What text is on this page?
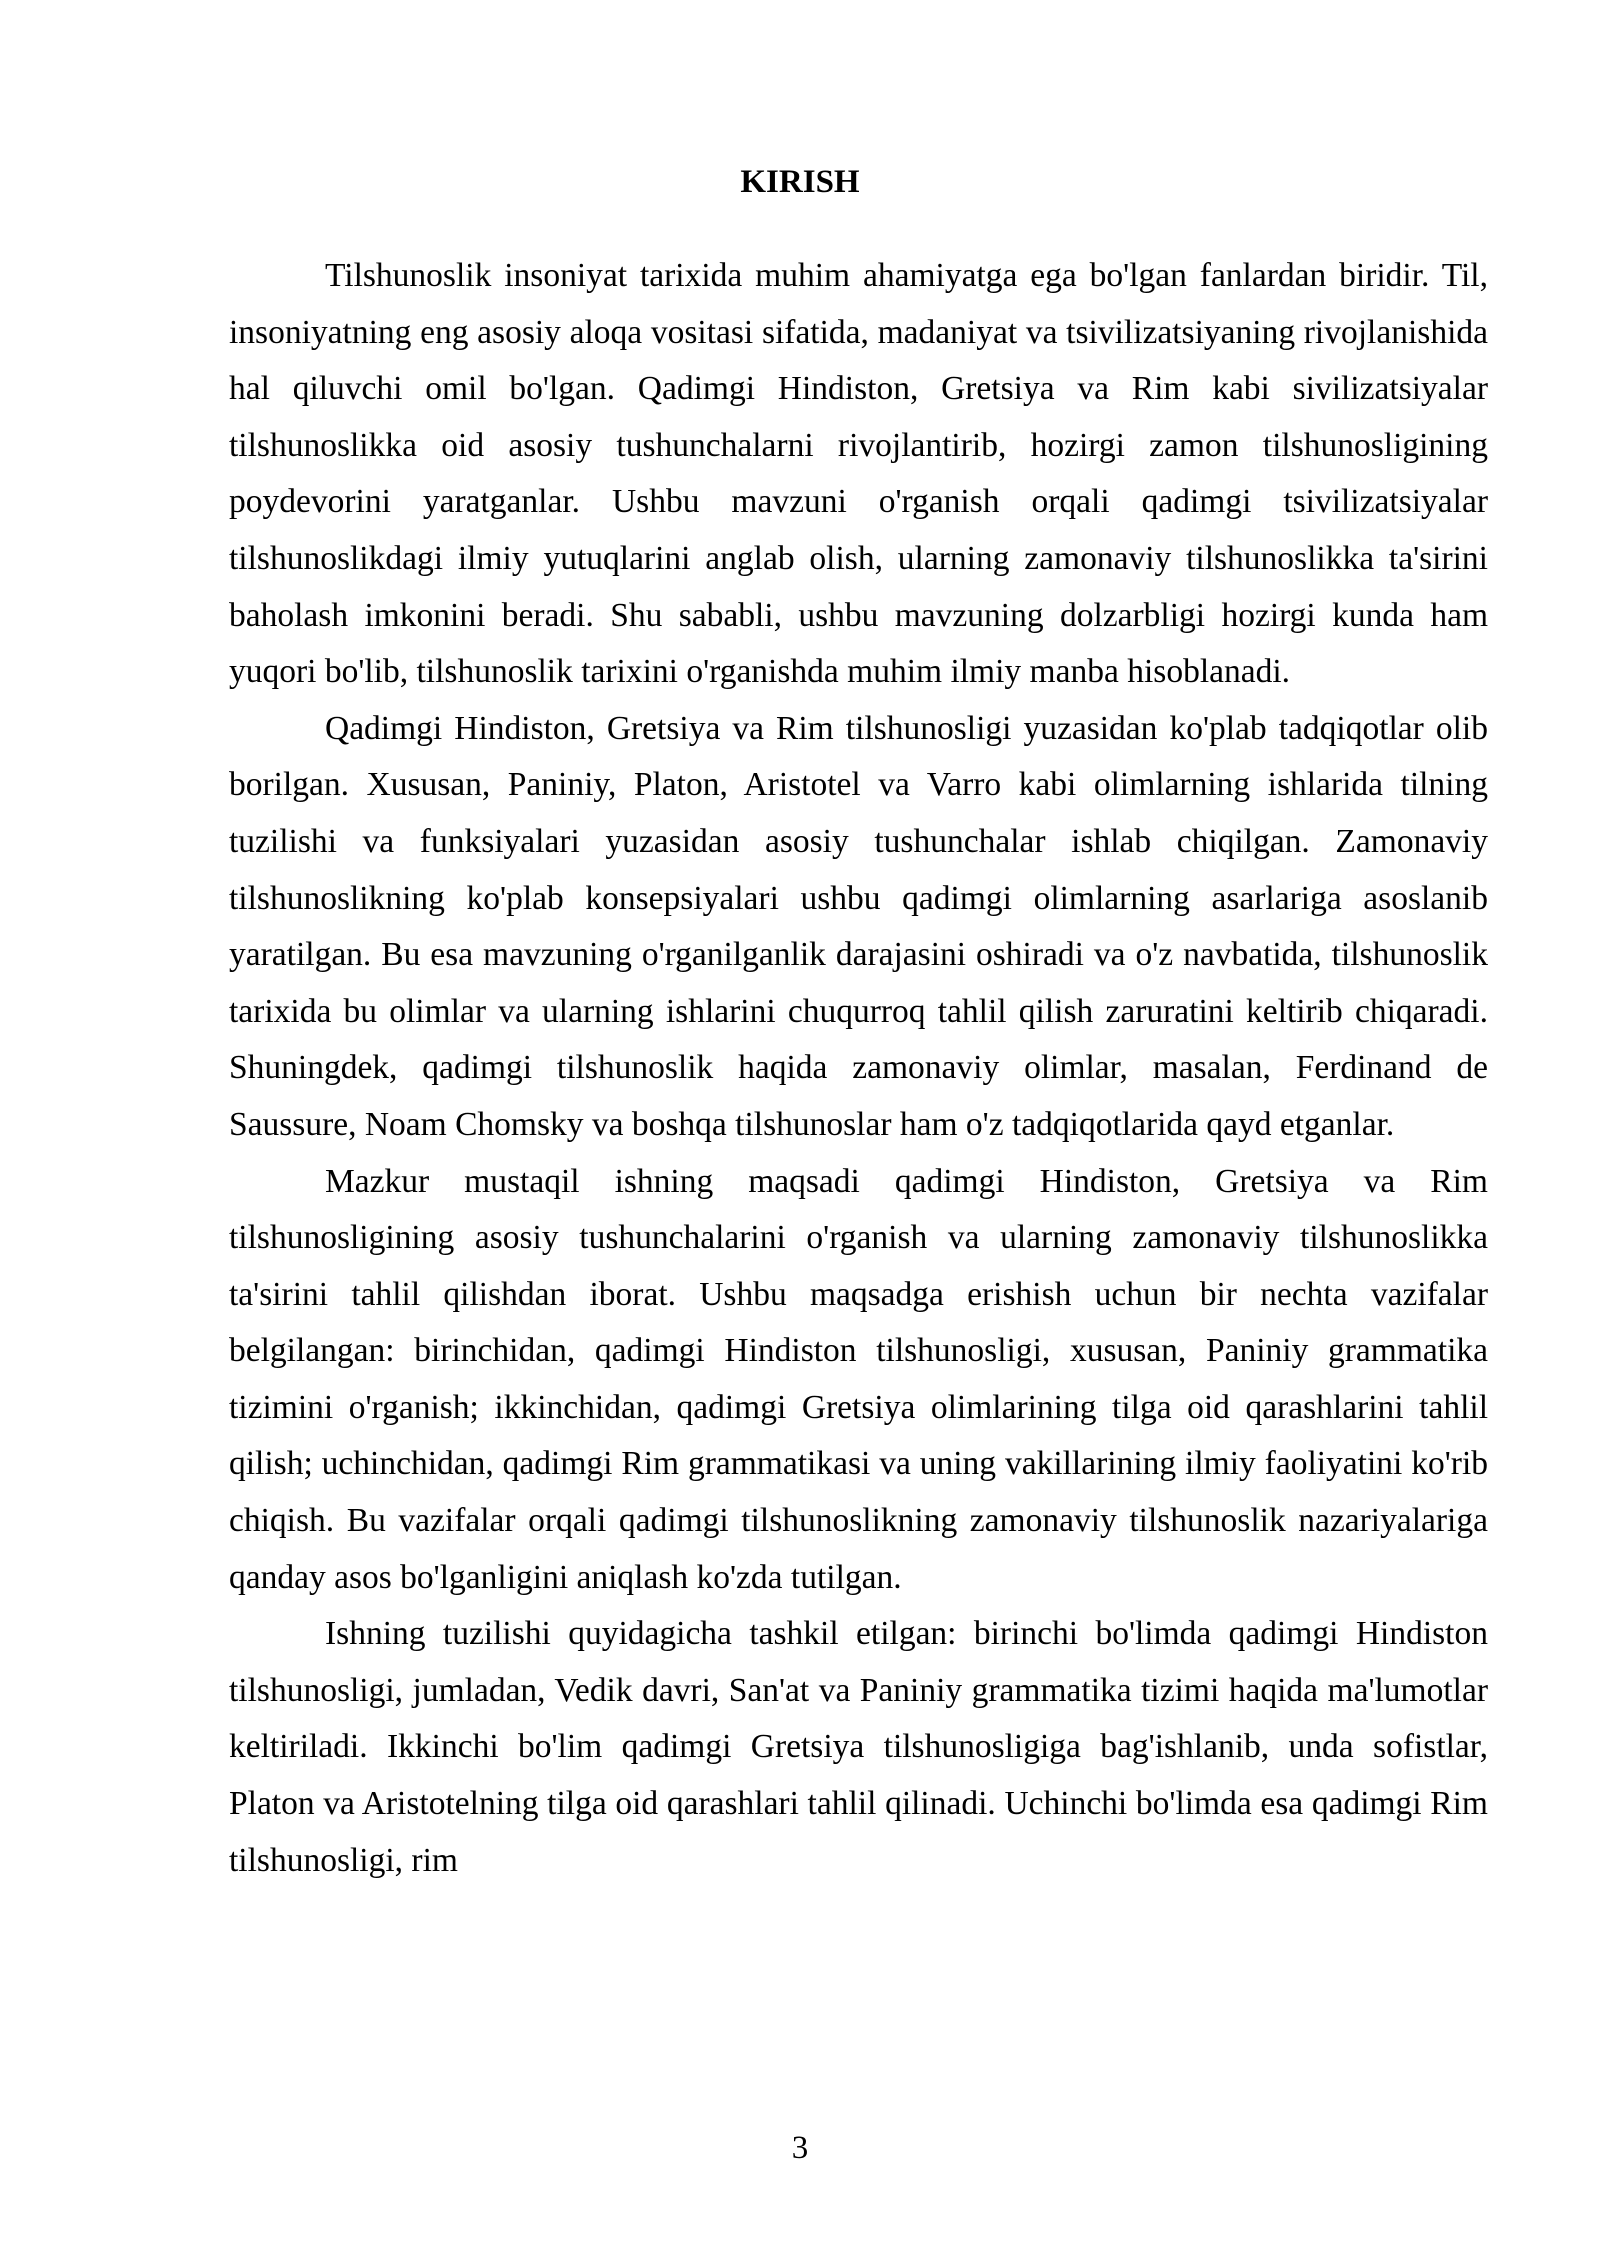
KIRISH

Tilshunoslik insoniyat tarixida muhim ahamiyatga ega bo'lgan fanlardan biridir. Til, insoniyatning eng asosiy aloqa vositasi sifatida, madaniyat va tsivilizatsiyaning rivojlanishida hal qiluvchi omil bo'lgan. Qadimgi Hindiston, Gretsiya va Rim kabi sivilizatsiyalar tilshunoslikka oid asosiy tushunchalarni rivojlantirib, hozirgi zamon tilshunosligining poydevorini yaratganlar. Ushbu mavzuni o'rganish orqali qadimgi tsivilizatsiyalar tilshunoslikdagi ilmiy yutuqlarini anglab olish, ularning zamonaviy tilshunoslikka ta'sirini baholash imkonini beradi. Shu sababli, ushbu mavzuning dolzarbligi hozirgi kunda ham yuqori bo'lib, tilshunoslik tarixini o'rganishda muhim ilmiy manba hisoblanadi.

Qadimgi Hindiston, Gretsiya va Rim tilshunosligi yuzasidan ko'plab tadqiqotlar olib borilgan. Xususan, Paniniy, Platon, Aristotel va Varro kabi olimlarning ishlarida tilning tuzilishi va funksiyalari yuzasidan asosiy tushunchalar ishlab chiqilgan. Zamonaviy tilshunoslikning ko'plab konsepsiyalari ushbu qadimgi olimlarning asarlariga asoslanib yaratilgan. Bu esa mavzuning o'rganilganlik darajasini oshiradi va o'z navbatida, tilshunoslik tarixida bu olimlar va ularning ishlarini chuqurroq tahlil qilish zaruratini keltirib chiqaradi. Shuningdek, qadimgi tilshunoslik haqida zamonaviy olimlar, masalan, Ferdinand de Saussure, Noam Chomsky va boshqa tilshunoslar ham o'z tadqiqotlarida qayd etganlar.

Mazkur mustaqil ishning maqsadi qadimgi Hindiston, Gretsiya va Rim tilshunosligining asosiy tushunchalarini o'rganish va ularning zamonaviy tilshunoslikka ta'sirini tahlil qilishdan iborat. Ushbu maqsadga erishish uchun bir nechta vazifalar belgilangan: birinchidan, qadimgi Hindiston tilshunosligi, xususan, Paniniy grammatika tizimini o'rganish; ikkinchidan, qadimgi Gretsiya olimlarining tilga oid qarashlarini tahlil qilish; uchinchidan, qadimgi Rim grammatikasi va uning vakillarining ilmiy faoliyatini ko'rib chiqish. Bu vazifalar orqali qadimgi tilshunoslikning zamonaviy tilshunoslik nazariyalariga qanday asos bo'lganligini aniqlash ko'zda tutilgan.

Ishning tuzilishi quyidagicha tashkil etilgan: birinchi bo'limda qadimgi Hindiston tilshunosligi, jumladan, Vedik davri, San'at va Paniniy grammatika tizimi haqida ma'lumotlar keltiriladi. Ikkinchi bo'lim qadimgi Gretsiya tilshunosligiga bag'ishlanib, unda sofistlar, Platon va Aristotelning tilga oid qarashlari tahlil qilinadi. Uchinchi bo'limda esa qadimgi Rim tilshunosligi, rim

3
